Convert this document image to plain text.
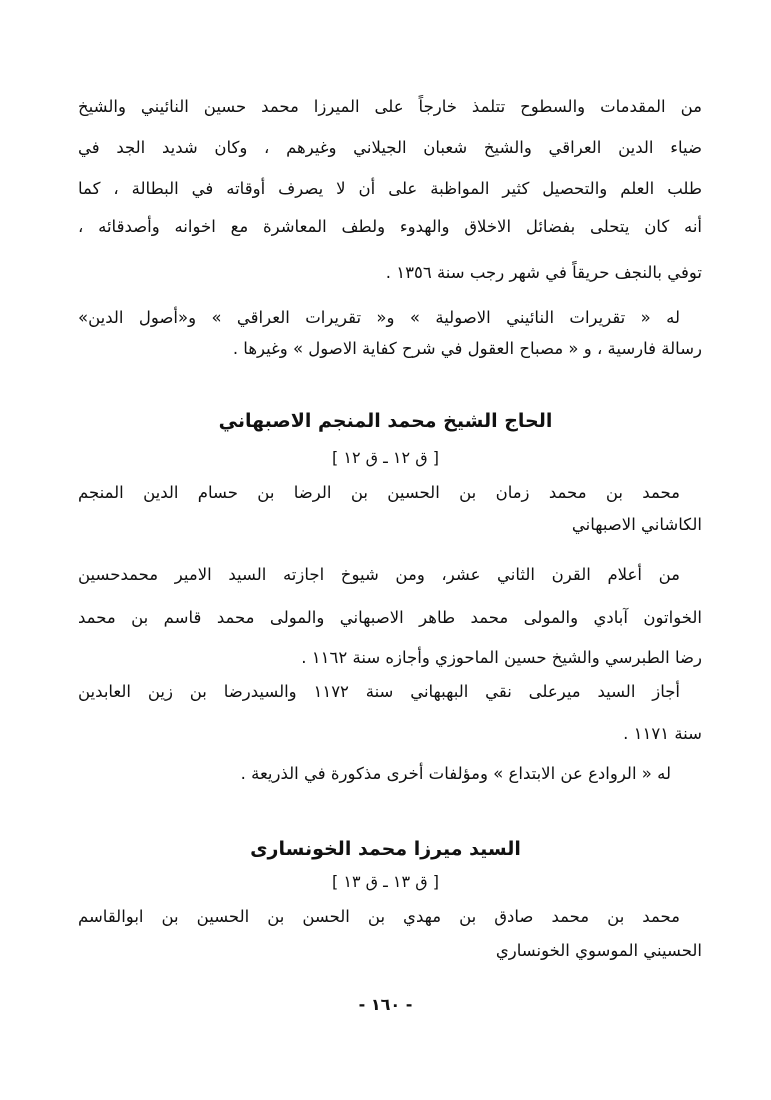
من المقدمات والسطوح تتلمذ خارجاً على الميرزا محمد حسين النائيني والشيخ
ضياء الدين العراقي والشيخ شعبان الجيلاني وغيرهم ، وكان شديد الجد في
طلب العلم والتحصيل كثير المواظبة على أن لا يصرف أوقاته في البطالة ، كما
أنه كان يتحلى بفضائل الاخلاق والهدوء ولطف المعاشرة مع اخوانه وأصدقائه ،
توفي بالنجف حريقاً في شهر رجب سنة ١٣٥٦ .
له « تقريرات النائيني الاصولية » و« تقريرات العراقي » و«أصول الدين»
رسالة فارسية ، و « مصباح العقول في شرح كفاية الاصول » وغيرها .
الحاج الشيخ محمد المنجم الاصبهاني
[ ق ١٢ ـ ق ١٢ ]
محمد بن محمد زمان بن الحسين بن الرضا بن حسام الدين المنجم
الكاشاني الاصبهاني
من أعلام القرن الثاني عشر، ومن شيوخ اجازته السيد الامير محمدحسين
الخواتون آبادي والمولى محمد طاهر الاصبهاني والمولى محمد قاسم بن محمد
رضا الطبرسي والشيخ حسين الماحوزي وأجازه سنة ١١٦٢ .
أجاز السيد ميرعلى نقي البهبهاني سنة ١١٧٢ والسيدرضا بن زين العابدين
سنة ١١٧١ .
له « الروادع عن الابتداع » ومؤلفات أخرى مذكورة في الذريعة .
السيد ميرزا محمد الخونسارى
[ ق ١٣ ـ ق ١٣ ]
محمد بن محمد صادق بن مهدي بن الحسن بن الحسين بن ابوالقاسم
الحسيني الموسوي الخونساري
- ١٦٠ -
